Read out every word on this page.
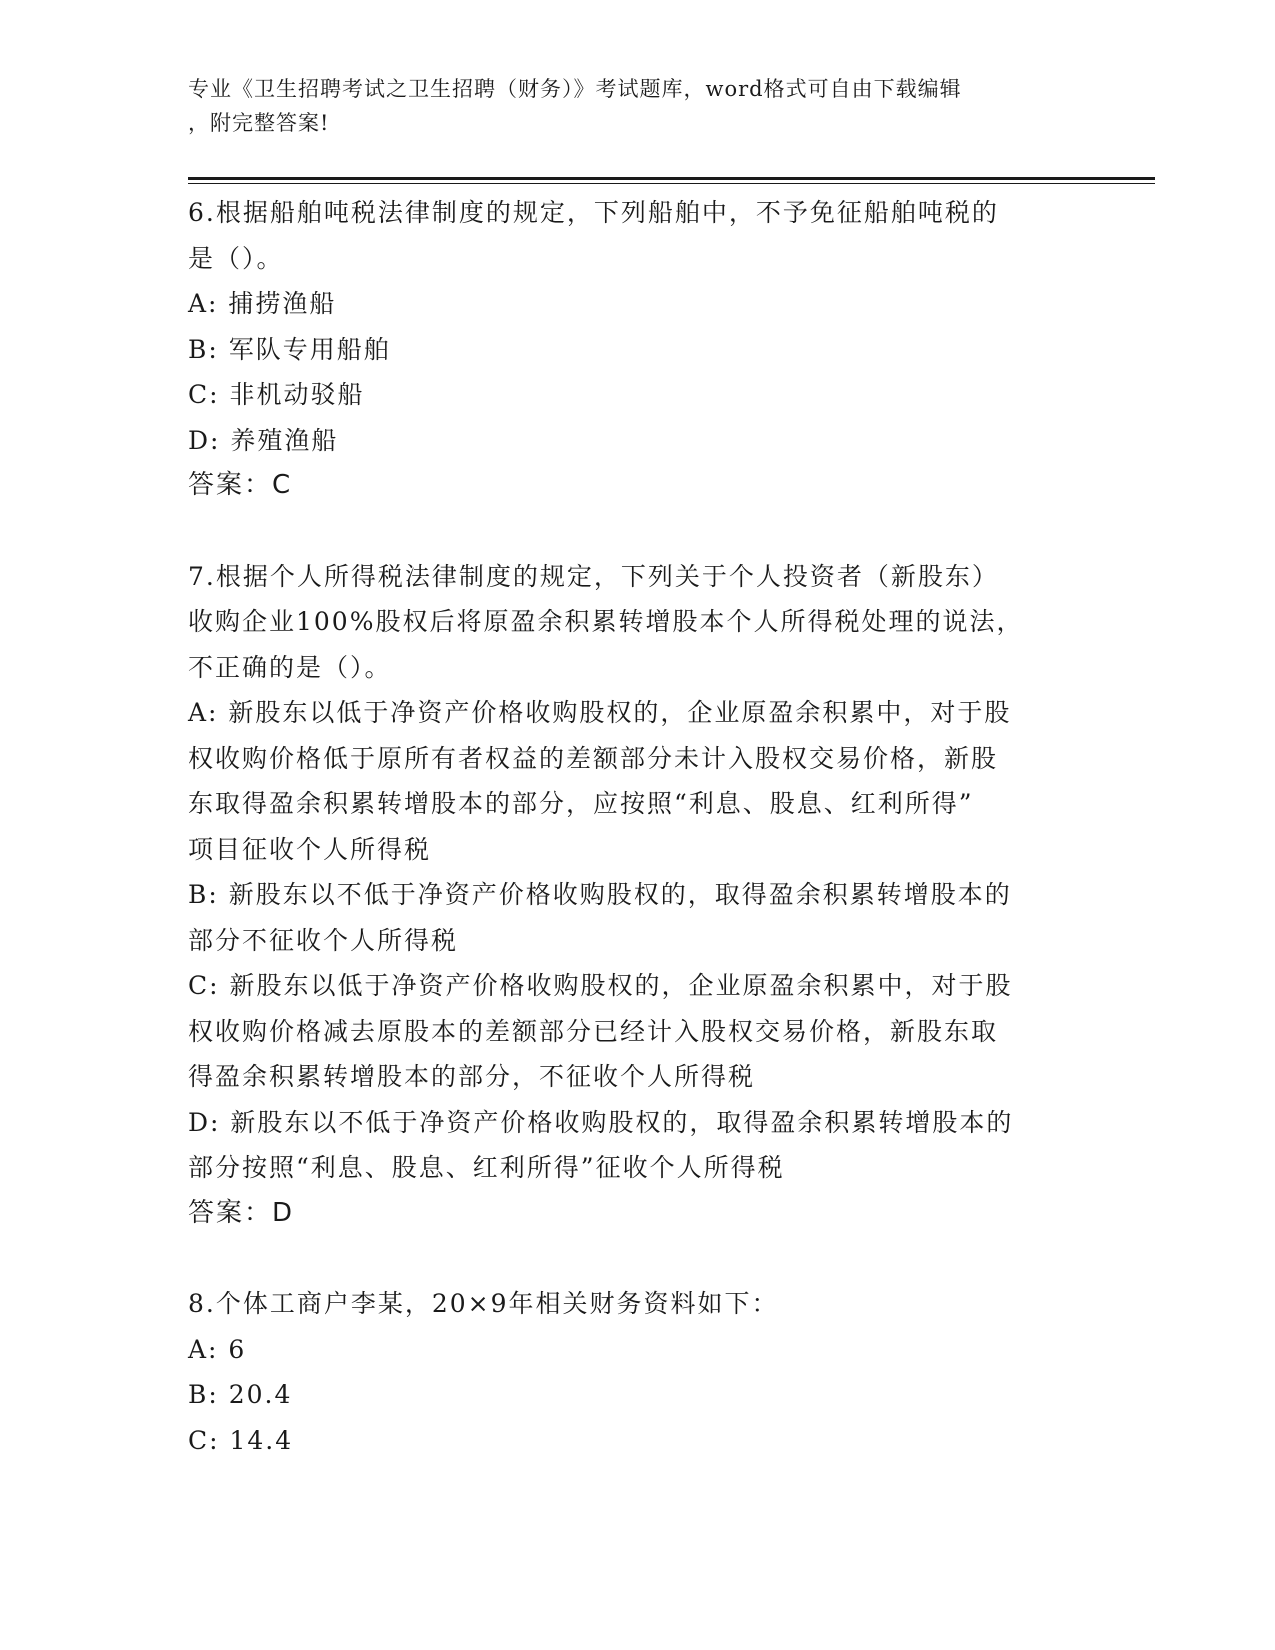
专业《卫生招聘考试之卫生招聘（财务）》考试题库，word格式可自由下载编辑
，附完整答案!
6.根据船舶吨税法律制度的规定，下列船舶中，不予免征船舶吨税的
是（）。
A: 捕捞渔船
B: 军队专用船舶
C: 非机动驳船
D: 养殖渔船
答案：C
7.根据个人所得税法律制度的规定，下列关于个人投资者（新股东）
收购企业100%股权后将原盈余积累转增股本个人所得税处理的说法，
不正确的是（）。
A: 新股东以低于净资产价格收购股权的，企业原盈余积累中，对于股
权收购价格低于原所有者权益的差额部分未计入股权交易价格，新股
东取得盈余积累转增股本的部分，应按照“利息、股息、红利所得”
项目征收个人所得税
B: 新股东以不低于净资产价格收购股权的，取得盈余积累转增股本的
部分不征收个人所得税
C: 新股东以低于净资产价格收购股权的，企业原盈余积累中，对于股
权收购价格减去原股本的差额部分已经计入股权交易价格，新股东取
得盈余积累转增股本的部分，不征收个人所得税
D: 新股东以不低于净资产价格收购股权的，取得盈余积累转增股本的
部分按照“利息、股息、红利所得”征收个人所得税
答案：D
8.个体工商户李某，20×9年相关财务资料如下：
A: 6
B: 20.4
C: 14.4
